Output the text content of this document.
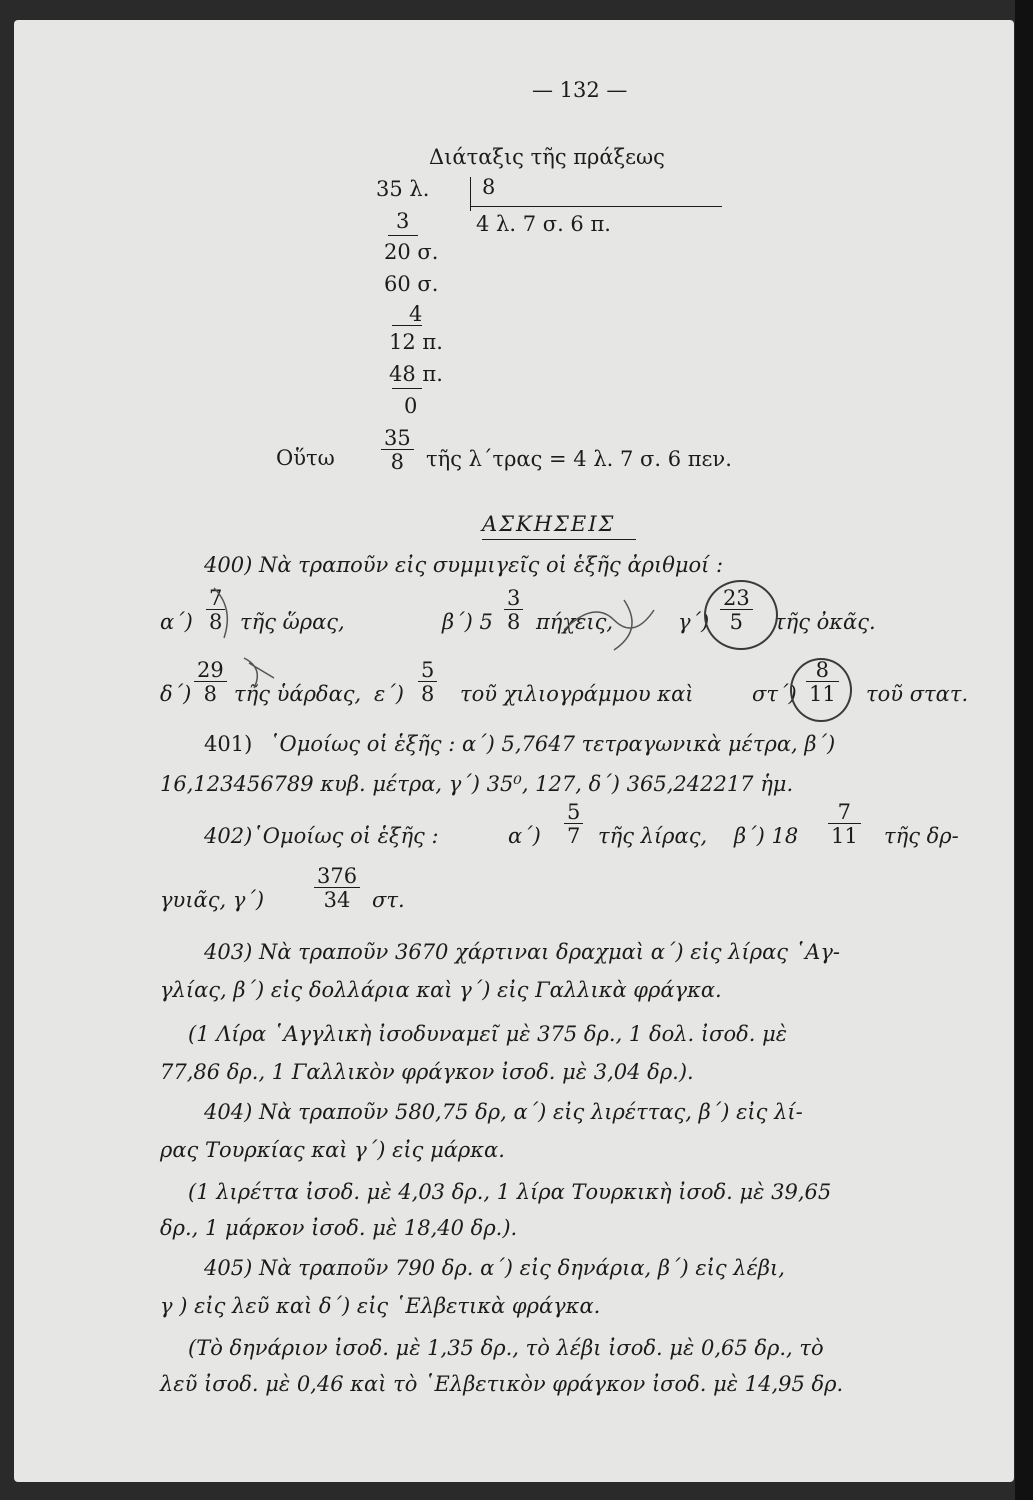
— 132 —
Διάταξις τῆς πράξεως
35 λ.
3
20 σ.
60 σ.
4
12 π.
48 π.
0
8
4 λ. 7 σ. 6 π.
Οὕτω $\frac{35}{8}$ τῆς λ΄τρας = 4 λ. 7 σ. 6 πεν.
ΑΣΚΗΣΕΙΣ
400) Νὰ τραποῦν εἰς συμμιγεῖς οἱ ἑξῆς ἀριθμοί :
$\alpha΄) \frac{7}{8}$ τῆς ὥρας,	β΄) $5 \frac{3}{8} \pi ή\chi\varepsilon\iota\varsigma$,	$\gamma΄) \frac{23}{5}$ τῆς ὀκᾶς.
$\delta΄) \frac{29}{8}$ τῆς ὑάρδας, $\varepsilon΄) \frac{5}{8}$ τοῦ χιλιογράμμου καὶ	$\sigma\tau΄) \frac{8}{11}$ τοῦ στατ.
401) ῾Ομοίως οἱ ἑξῆς : α΄) 5,7647 τετραγωνικὰ μέτρα, β΄)
16,123456789 κυβ. μέτρα, γ΄) 35⁰, 127, δ΄) 365,242217 ἡμ.
402)῾Ομοίως οἱ ἑξῆς :	$\alpha΄) \frac{5}{7}$ τῆς λίρας, β΄) $18 \frac{7}{11}$ τῆς δρ-
γυιᾶς, $\gamma΄) \frac{376}{34} \sigma\tau$.
403) Νὰ τραποῦν 3670 χάρτιναι δραχμαὶ α΄) εἰς λίρας ῾Αγ-
γλίας, β΄) εἰς δολλάρια καὶ γ΄) εἰς Γαλλικὰ φράγκα.
(1 Λίρα ῾Αγγλικὴ ἰσοδυναμεῖ μὲ 375 δρ., 1 δολ. ἰσοδ. μὲ
77,86 δρ., 1 Γαλλικὸν φράγκον ἰσοδ. μὲ 3,04 δρ.).
404) Νὰ τραποῦν 580,75 δρ, α΄) εἰς λιρέττας, β΄) εἰς λί-
ρας Τουρκίας καὶ γ΄) εἰς μάρκα.
(1 λιρέττα ἰσοδ. μὲ 4,03 δρ., 1 λίρα Τουρκικὴ ἰσοδ. μὲ 39,65
δρ., 1 μάρκον ἰσοδ. μὲ 18,40 δρ.).
405) Νὰ τραποῦν 790 δρ. α΄) εἰς δηνάρια, β΄) εἰς λέβι,
γ ) εἰς λεῦ καὶ δ΄) εἰς ῾Ελβετικὰ φράγκα.
(Τὸ δηνάριον ἰσοδ. μὲ 1,35 δρ., τὸ λέβι ἰσοδ. μὲ 0,65 δρ., τὸ
λεῦ ἰσοδ. μὲ 0,46 καὶ τὸ ῾Ελβετικὸν φράγκον ἰσοδ. μὲ 14,95 δρ.
